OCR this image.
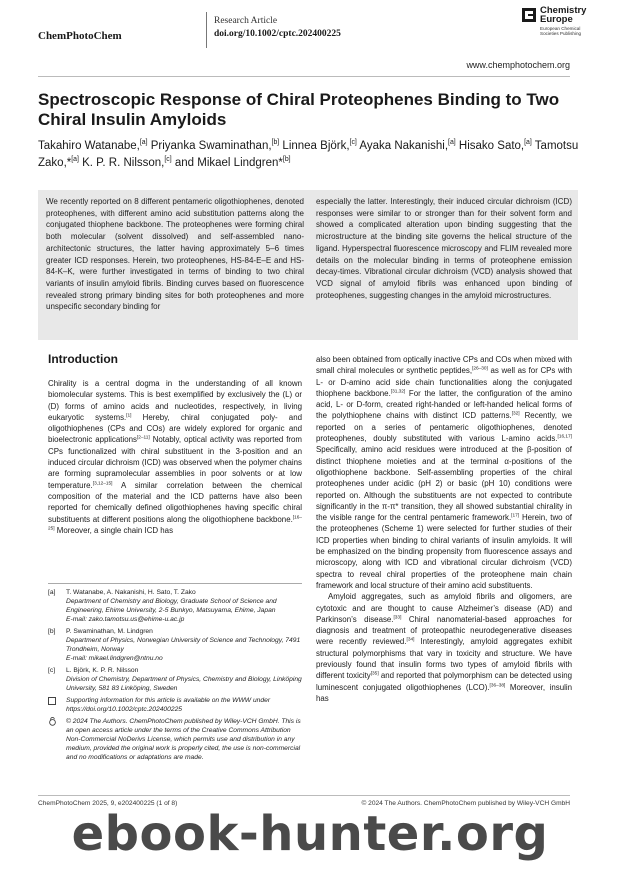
ChemPhotoChem
Research Article
doi.org/10.1002/cptc.202400225
Chemistry
Europe
European Chemical
Societies Publishing
www.chemphotochem.org
Spectroscopic Response of Chiral Proteophenes Binding to Two Chiral Insulin Amyloids
Takahiro Watanabe,[a] Priyanka Swaminathan,[b] Linnea Björk,[c] Ayaka Nakanishi,[a] Hisako Sato,[a] Tamotsu Zako,*[a] K. P. R. Nilsson,[c] and Mikael Lindgren*[b]
We recently reported on 8 different pentameric oligothiophenes, denoted proteophenes, with different amino acid substitution patterns along the conjugated thiophene backbone. The proteophenes were forming chiral both molecular (solvent dissolved) and self-assembled nano-architectonic structures, the latter having approximately 5–6 times greater ICD responses. Herein, two proteophenes, HS-84-E–E and HS-84-K–K, were further investigated in terms of binding to two chiral variants of insulin amyloid fibrils. Binding curves based on fluorescence revealed strong primary binding sites for both proteophenes and more unspecific secondary binding for
especially the latter. Interestingly, their induced circular dichroism (ICD) responses were similar to or stronger than for their solvent form and showed a complicated alteration upon binding suggesting that the microstructure at the binding site governs the helical structure of the ligand. Hyperspectral fluorescence microscopy and FLIM revealed more details on the molecular binding in terms of proteophene emission decay-times. Vibrational circular dichroism (VCD) analysis showed that VCD signal of amyloid fibrils was enhanced upon binding of proteophenes, suggesting changes in the amyloid microstructures.
Introduction

Chirality is a central dogma in the understanding of all known biomolecular systems. This is best exemplified by exclusively the (L) or (D) forms of amino acids and nucleotides, respectively, in living eukaryotic systems.[1] Hereby, chiral conjugated poly- and oligothiophenes (CPs and COs) are widely explored for organic and bioelectronic applications[2–11] Notably, optical activity was reported from CPs functionalized with chiral substituent in the 3-position and an induced circular dichroism (ICD) was observed when the polymer chains are forming supramolecular assemblies in poor solvents or at low temperature.[3,12–15] A similar correlation between the chemical composition of the material and the ICD patterns have also been reported for chemically defined oligothiophenes having specific chiral substituents at different positions along the oligothiophene backbone.[16–25] Moreover, a single chain ICD has

also been obtained from optically inactive CPs and COs when mixed with small chiral molecules or synthetic peptides,[26–30] as well as for CPs with L- or D-amino acid side chain functionalities along the conjugated thiophene backbone.[31,32] For the latter, the configuration of the amino acid, L- or D-form, created right-handed or left-handed helical forms of the polythiophene chains with distinct ICD patterns.[32] Recently, we reported on a series of pentameric oligothiophenes, denoted proteophenes, doubly substituted with various L-amino acids.[16,17] Specifically, amino acid residues were introduced at the β-position of distinct thiophene moieties and at the terminal α-positions of the oligothiophene backbone. Self-assembling properties of the chiral proteophenes under acidic (pH 2) or basic (pH 10) conditions were reported on. Although the substituents are not expected to contribute significantly in the π-π* transition, they all showed substantial chirality in the visible range for the central pentameric framework.[17] Herein, two of the proteophenes (Scheme 1) were selected for further studies of their ICD properties when binding to chiral variants of insulin amyloids. It will be emphasized on the binding propensity from fluorescence assays and microscopy, along with ICD and vibrational circular dichroism (VCD) spectra to reveal chiral properties of the proteophene main chain framework and local structure of their amino acid substituents.

Amyloid aggregates, such as amyloid fibrils and oligomers, are cytotoxic and are thought to cause Alzheimer’s disease (AD) and Parkinson’s disease.[33] Chiral nanomaterial-based approaches for diagnosis and treatment of proteopathic neurodegenerative diseases were recently reviewed.[34] Interestingly, amyloid aggregates exhibit structural polymorphisms that vary in toxicity and structure. We have previously found that insulin forms two types of amyloid fibrils with different toxicity[35] and reported that polymorphism can be detected using luminescent conjugated oligothiophenes (LCO).[36–38] Moreover, insulin has

[a]	T. Watanabe, A. Nakanishi, H. Sato, T. Zako
Department of Chemistry and Biology, Graduate School of Science and Engineering, Ehime University, 2-5 Bunkyo, Matsuyama, Ehime, Japan
E-mail: zako.tamotsu.us@ehime-u.ac.jp
[b]	P. Swaminathan, M. Lindgren
Department of Physics, Norwegian University of Science and Technology, 7491 Trondheim, Norway
E-mail: mikael.lindgren@ntnu.no
[c]	L. Björk, K. P. R. Nilsson
Division of Chemistry, Department of Physics, Chemistry and Biology, Linköping University, 581 83 Linköping, Sweden
Supporting information for this article is available on the WWW under https://doi.org/10.1002/cptc.202400225
© 2024 The Authors. ChemPhotoChem published by Wiley-VCH GmbH. This is an open access article under the terms of the Creative Commons Attribution Non-Commercial NoDerivs License, which permits use and distribution in any medium, provided the original work is properly cited, the use is non-commercial and no modifications or adaptations are made.
ChemPhotoChem 2025, 9, e202400225 (1 of 8)	© 2024 The Authors. ChemPhotoChem published by Wiley-VCH GmbH
ebook-hunter.org
